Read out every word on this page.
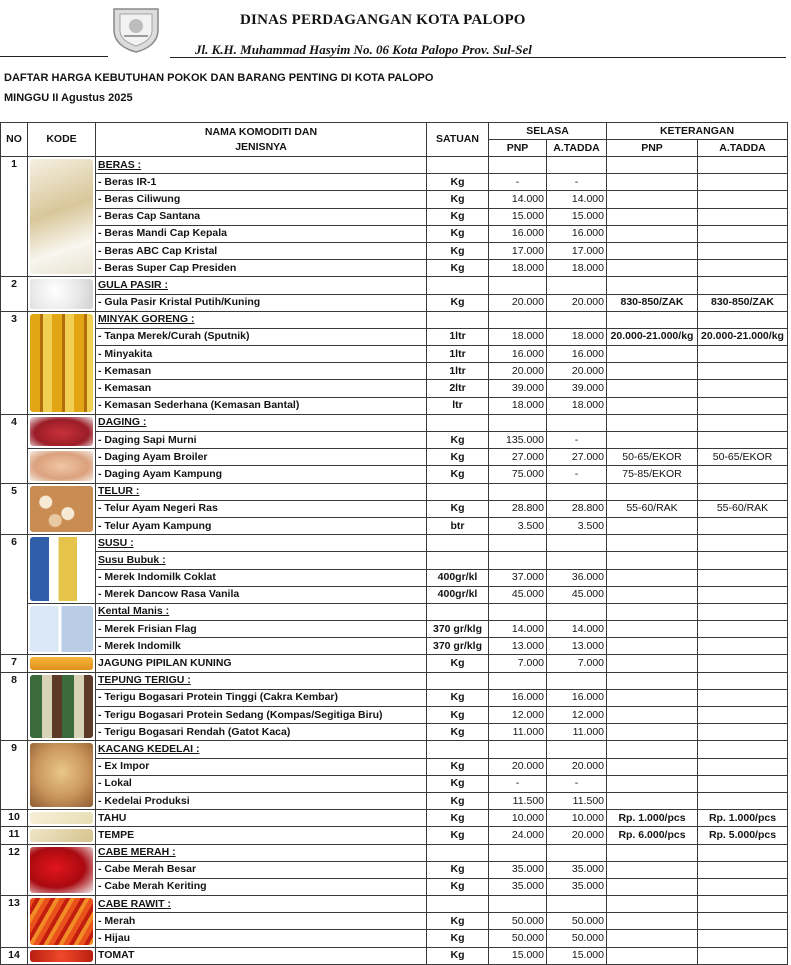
DINAS PERDAGANGAN KOTA PALOPO
Jl. K.H. Muhammad Hasyim No. 06 Kota Palopo Prov. Sul-Sel
DAFTAR HARGA KEBUTUHAN POKOK DAN BARANG PENTING DI KOTA PALOPO
MINGGU II Agustus 2025
NO	KODE	NAMA KOMODITI DAN
JENISNYA	SATUAN	SELASA		KETERANGAN	
				PNP	A.TADDA	PNP	A.TADDA
1		BERAS :					
		- Beras IR-1	Kg	-	-		
		- Beras Ciliwung	Kg	14.000	14.000		
		- Beras Cap Santana	Kg	15.000	15.000		
		- Beras Mandi Cap Kepala	Kg	16.000	16.000		
		- Beras ABC Cap Kristal	Kg	17.000	17.000		
		- Beras Super Cap Presiden	Kg	18.000	18.000		
2		GULA PASIR :					
		- Gula Pasir Kristal Putih/Kuning	Kg	20.000	20.000	830-850/ZAK	830-850/ZAK
3		MINYAK GORENG :					
		- Tanpa Merek/Curah (Sputnik)	1ltr	18.000	18.000	20.000-21.000/kg	20.000-21.000/kg
		- Minyakita	1ltr	16.000	16.000		
		- Kemasan	1ltr	20.000	20.000		
		- Kemasan	2ltr	39.000	39.000		
		- Kemasan Sederhana (Kemasan Bantal)	ltr	18.000	18.000		
4		DAGING :					
		- Daging Sapi Murni	Kg	135.000	-		

		- Daging Ayam Broiler	Kg	27.000	27.000	50-65/EKOR	50-65/EKOR
		- Daging Ayam Kampung	Kg	75.000	-	75-85/EKOR	
5		TELUR :					
		- Telur Ayam Negeri Ras	Kg	28.800	28.800	55-60/RAK	55-60/RAK
		- Telur Ayam Kampung	btr	3.500	3.500		
6		SUSU :					
		Susu Bubuk :					
		- Merek Indomilk Coklat	400gr/kl	37.000	36.000		
		- Merek Dancow Rasa Vanila	400gr/kl	45.000	45.000		

		Kental Manis :					
		- Merek Frisian Flag	370 gr/klg	14.000	14.000		
		- Merek Indomilk	370 gr/klg	13.000	13.000		
7		JAGUNG PIPILAN KUNING	Kg	7.000	7.000		
8		TEPUNG TERIGU :					
		- Terigu Bogasari Protein Tinggi (Cakra Kembar)	Kg	16.000	16.000		
		- Terigu Bogasari Protein Sedang (Kompas/Segitiga Biru)	Kg	12.000	12.000		
		- Terigu Bogasari Rendah (Gatot Kaca)	Kg	11.000	11.000		
9		KACANG KEDELAI :					
		- Ex Impor	Kg	20.000	20.000		
		- Lokal	Kg	-	-		
		- Kedelai Produksi	Kg	11.500	11.500		
10		TAHU	Kg	10.000	10.000	Rp. 1.000/pcs	Rp. 1.000/pcs
11		TEMPE	Kg	24.000	20.000	Rp. 6.000/pcs	Rp. 5.000/pcs
12		CABE MERAH :					
		- Cabe Merah Besar	Kg	35.000	35.000		
		- Cabe Merah Keriting	Kg	35.000	35.000		
13		CABE RAWIT :					
		- Merah	Kg	50.000	50.000		
		- Hijau	Kg	50.000	50.000		
14		TOMAT	Kg	15.000	15.000		
